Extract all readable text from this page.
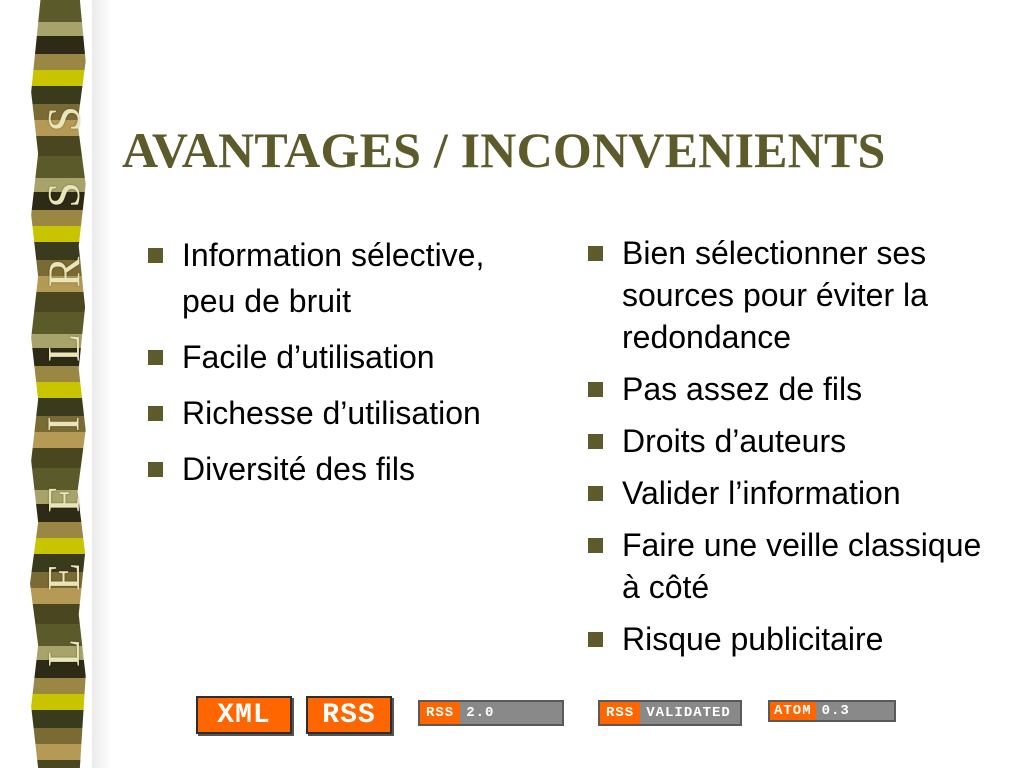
S
S
R
L
I
F
E
L
AVANTAGES / INCONVENIENTS
Information sélective, peu de bruit
Facile d’utilisation
Richesse d’utilisation
Diversité des fils
Bien sélectionner ses sources pour éviter la redondance
Pas assez de fils
Droits d’auteurs
Valider l’information
Faire une veille classique à côté
Risque publicitaire
XML	RSS	RSS 2.0	RSS VALIDATED	ATOM 0.3
